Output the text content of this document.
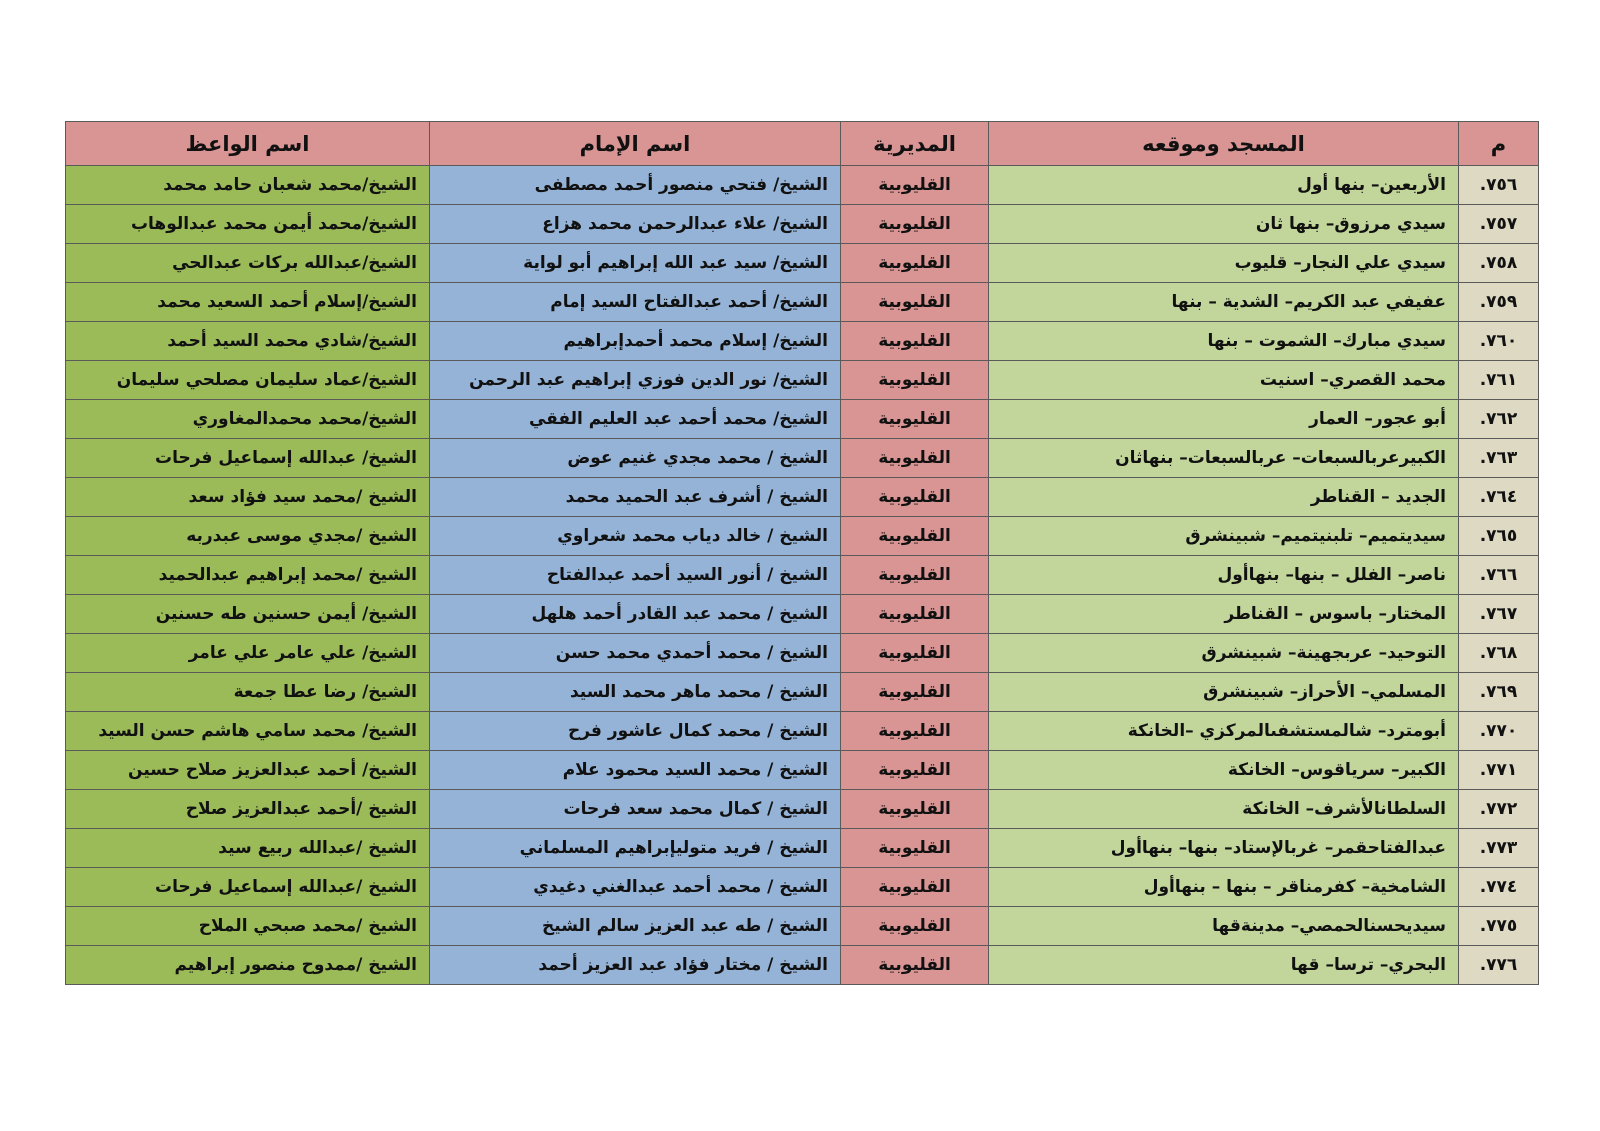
م	المسجد وموقعه	المديرية	اسم الإمام	اسم الواعظ
٧٥٦.	الأربعين– بنها أول	القليوبية	الشيخ/ فتحي منصور أحمد مصطفى	الشيخ/محمد شعبان حامد محمد
٧٥٧.	سيدي مرزوق– بنها ثان	القليوبية	الشيخ/ علاء عبدالرحمن محمد هزاع	الشيخ/محمد أيمن محمد عبدالوهاب
٧٥٨.	سيدي علي النجار– قليوب	القليوبية	الشيخ/ سيد عبد الله إبراهيم أبو لواية	الشيخ/عبدالله بركات عبدالحي
٧٥٩.	عفيفي عبد الكريم– الشدية – بنها	القليوبية	الشيخ/ أحمد عبدالفتاح السيد إمام	الشيخ/إسلام أحمد السعيد محمد
٧٦٠.	سيدي مبارك– الشموت – بنها	القليوبية	الشيخ/ إسلام محمد أحمدإبراهيم	الشيخ/شادي محمد السيد أحمد
٧٦١.	محمد القصري– اسنيت	القليوبية	الشيخ/ نور الدين فوزي إبراهيم عبد الرحمن	الشيخ/عماد سليمان مصلحي سليمان
٧٦٢.	أبو عجور– العمار	القليوبية	الشيخ/ محمد أحمد عبد العليم الفقي	الشيخ/محمد محمدالمغاوري
٧٦٣.	الكبيرعربالسبعات– عربالسبعات– بنهاثان	القليوبية	الشيخ / محمد مجدي غنيم عوض	الشيخ/ عبدالله إسماعيل فرحات
٧٦٤.	الجديد – القناطر	القليوبية	الشيخ / أشرف عبد الحميد محمد	الشيخ /محمد سيد فؤاد سعد
٧٦٥.	سيديتميم– تلبنيتميم– شبينشرق	القليوبية	الشيخ / خالد دياب محمد شعراوي	الشيخ /مجدي موسى عبدربه
٧٦٦.	ناصر– الفلل – بنها– بنهاأول	القليوبية	الشيخ / أنور السيد أحمد عبدالفتاح	الشيخ /محمد إبراهيم عبدالحميد
٧٦٧.	المختار– باسوس – القناطر	القليوبية	الشيخ / محمد عبد القادر أحمد هلهل	الشيخ/ أيمن حسنين طه حسنين
٧٦٨.	التوحيد– عربجهينة– شبينشرق	القليوبية	الشيخ / محمد أحمدي محمد حسن	الشيخ/ علي عامر علي عامر
٧٦٩.	المسلمي– الأحراز– شبينشرق	القليوبية	الشيخ / محمد ماهر محمد السيد	الشيخ/ رضا عطا جمعة
٧٧٠.	أبومترد– شالمستشفىالمركزي –الخانكة	القليوبية	الشيخ / محمد كمال عاشور فرح	الشيخ/ محمد سامي هاشم حسن السيد
٧٧١.	الكبير– سرياقوس– الخانكة	القليوبية	الشيخ / محمد السيد محمود علام	الشيخ/ أحمد عبدالعزيز صلاح حسين
٧٧٢.	السلطانالأشرف– الخانكة	القليوبية	الشيخ / كمال محمد سعد فرحات	الشيخ /أحمد عبدالعزيز صلاح
٧٧٣.	عبدالفتاحقمر– غربالإستاد– بنها– بنهاأول	القليوبية	الشيخ / فريد متوليإبراهيم المسلماني	الشيخ /عبدالله ربيع سيد
٧٧٤.	الشامخية– كفرمناقر – بنها – بنهاأول	القليوبية	الشيخ / محمد أحمد عبدالغني دغيدي	الشيخ /عبدالله إسماعيل فرحات
٧٧٥.	سيديحسنالحمصي– مدينةقها	القليوبية	الشيخ / طه عبد العزيز سالم الشيخ	الشيخ /محمد صبحي الملاح
٧٧٦.	البحري– ترسا– قها	القليوبية	الشيخ / مختار فؤاد عبد العزيز أحمد	الشيخ /ممدوح منصور إبراهيم
